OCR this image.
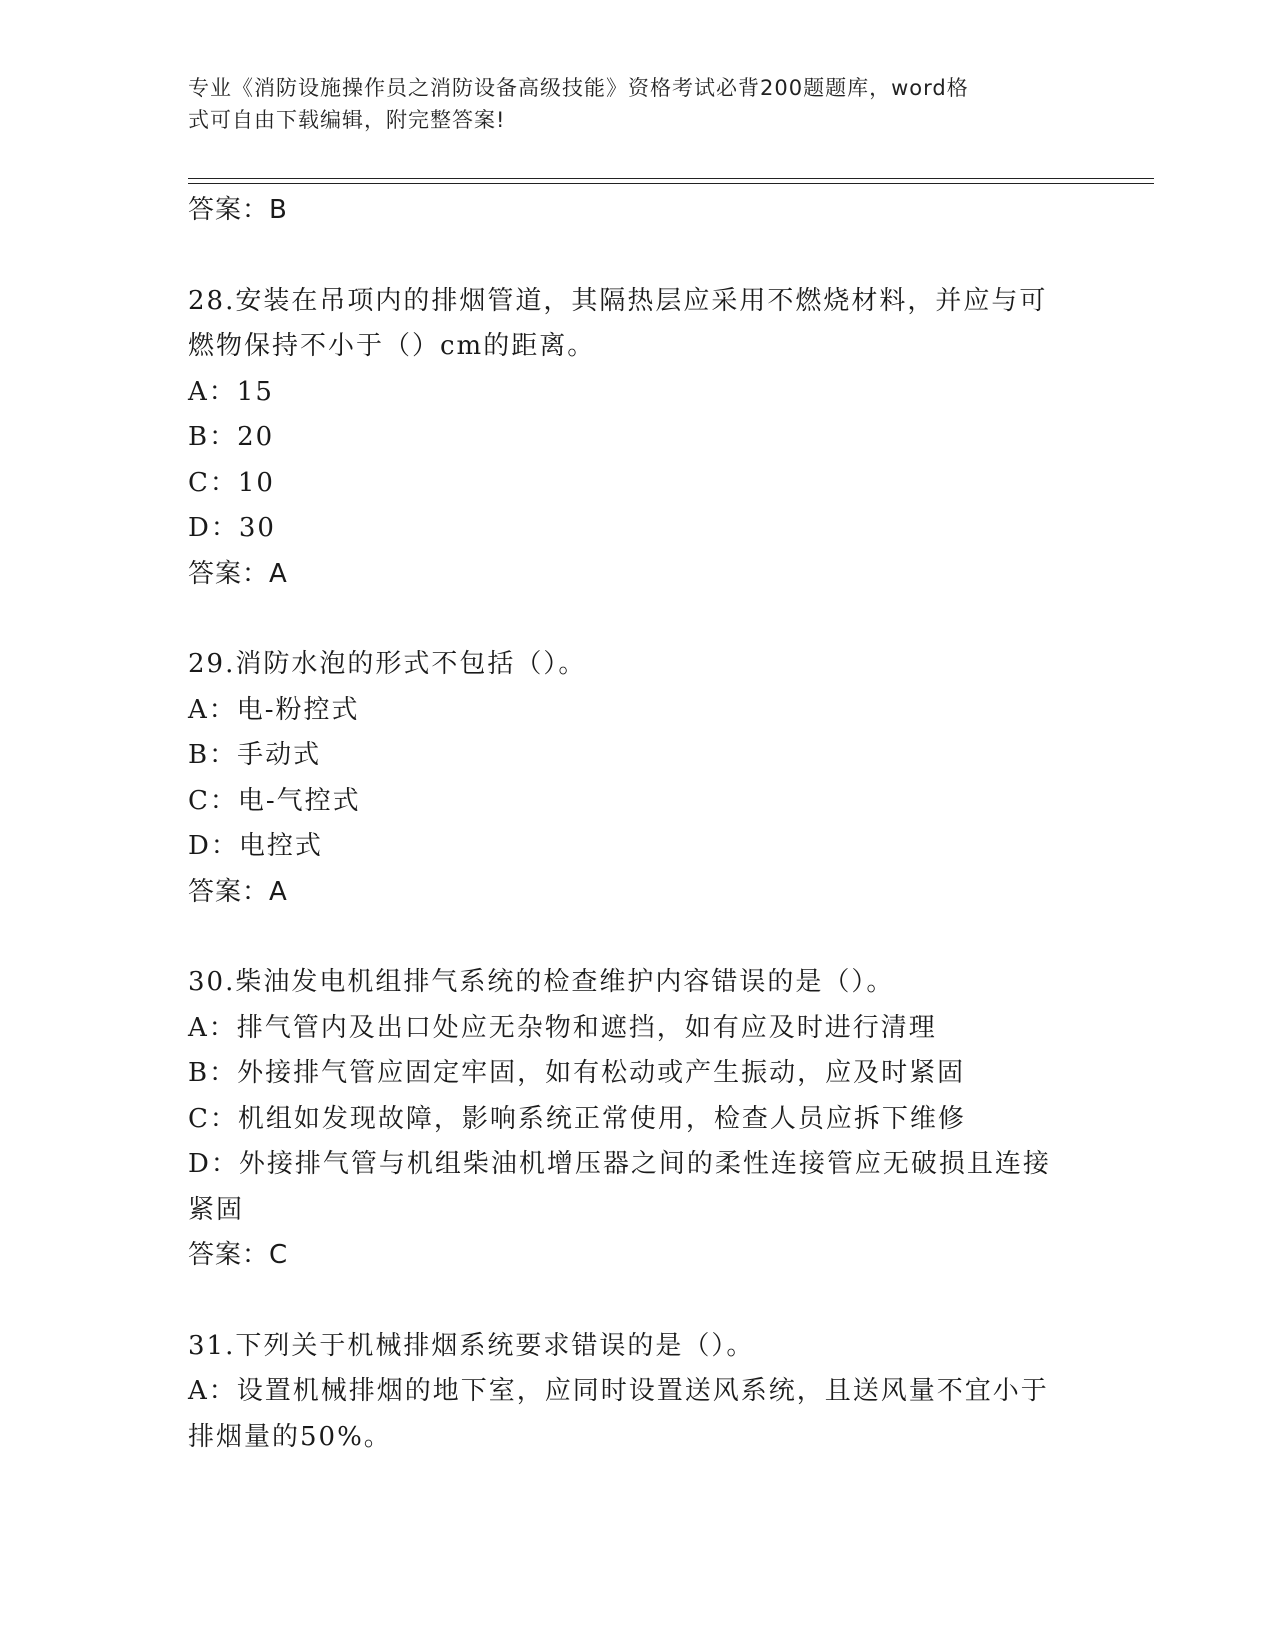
专业《消防设施操作员之消防设备高级技能》资格考试必背200题题库，word格
式可自由下载编辑，附完整答案!
答案：B
28.安装在吊项内的排烟管道，其隔热层应采用不燃烧材料，并应与可
燃物保持不小于（）cm的距离。
A：15
B：20
C：10
D：30
答案：A
29.消防水泡的形式不包括（）。
A：电-粉控式
B：手动式
C：电-气控式
D：电控式
答案：A
30.柴油发电机组排气系统的检查维护内容错误的是（）。
A：排气管内及出口处应无杂物和遮挡，如有应及时进行清理
B：外接排气管应固定牢固，如有松动或产生振动，应及时紧固
C：机组如发现故障，影响系统正常使用，检查人员应拆下维修
D：外接排气管与机组柴油机增压器之间的柔性连接管应无破损且连接
紧固
答案：C
31.下列关于机械排烟系统要求错误的是（）。
A：设置机械排烟的地下室，应同时设置送风系统，且送风量不宜小于
排烟量的50%。
